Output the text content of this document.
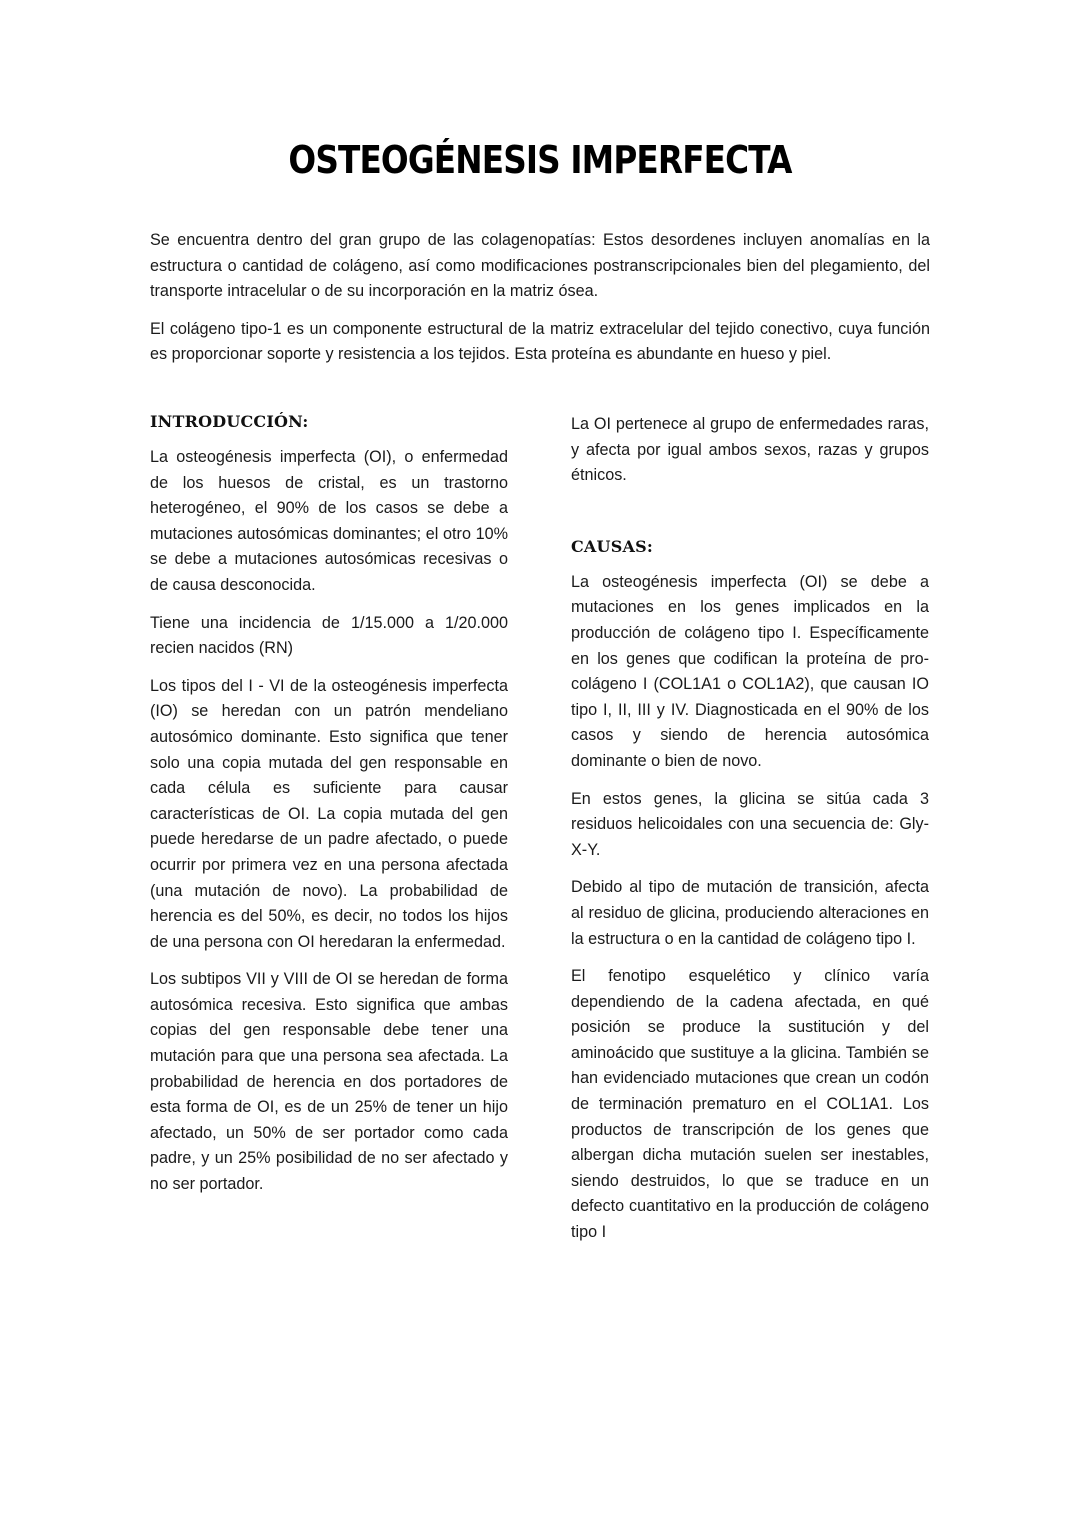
OSTEOGÉNESIS IMPERFECTA

Se encuentra dentro del gran grupo de las colagenopatías: Estos desordenes incluyen anomalías en la estructura o cantidad de colágeno, así como modificaciones postranscripcionales bien del plegamiento, del transporte intracelular o de su incorporación en la matriz ósea.

El colágeno tipo-1 es un componente estructural de la matriz extracelular del tejido conectivo, cuya función es proporcionar soporte y resistencia a los tejidos. Esta proteína es abundante en hueso y piel.

INTRODUCCIÓN:

La osteogénesis imperfecta (OI), o enfermedad de los huesos de cristal, es un trastorno heterogéneo, el 90% de los casos se debe a mutaciones autosómicas dominantes; el otro 10% se debe a mutaciones autosómicas recesivas o de causa desconocida.

Tiene una incidencia de 1/15.000 a 1/20.000 recien nacidos (RN)

Los tipos del I - VI de la osteogénesis imperfecta (IO) se heredan con un patrón mendeliano autosómico dominante. Esto significa que tener solo una copia mutada del gen responsable en cada célula es suficiente para causar características de OI. La copia mutada del gen puede heredarse de un padre afectado, o puede ocurrir por primera vez en una persona afectada (una mutación de novo). La probabilidad de herencia es del 50%, es decir, no todos los hijos de una persona con OI heredaran la enfermedad.

Los subtipos VII y VIII de OI se heredan de forma autosómica recesiva. Esto significa que ambas copias del gen responsable debe tener una mutación para que una persona sea afectada. La probabilidad de herencia en dos portadores de esta forma de OI, es de un 25% de tener un hijo afectado, un 50% de ser portador como cada padre, y un 25% posibilidad de no ser afectado y no ser portador.

La OI pertenece al grupo de enfermedades raras, y afecta por igual ambos sexos, razas y grupos étnicos.

CAUSAS:

La osteogénesis imperfecta (OI) se debe a mutaciones en los genes implicados en la producción de colágeno tipo I. Específicamente en los genes que codifican la proteína de pro-colágeno I (COL1A1 o COL1A2), que causan IO tipo I, II, III y IV. Diagnosticada en el 90% de los casos y siendo de herencia autosómica dominante o bien de novo.

En estos genes, la glicina se sitúa cada 3 residuos helicoidales con una secuencia de: Gly-X-Y.

Debido al tipo de mutación de transición, afecta al residuo de glicina, produciendo alteraciones en la estructura o en la cantidad de colágeno tipo I.

El fenotipo esquelético y clínico varía dependiendo de la cadena afectada, en qué posición se produce la sustitución y del aminoácido que sustituye a la glicina. También se han evidenciado mutaciones que crean un codón de terminación prematuro en el COL1A1. Los productos de transcripción de los genes que albergan dicha mutación suelen ser inestables, siendo destruidos, lo que se traduce en un defecto cuantitativo en la producción de colágeno tipo I
